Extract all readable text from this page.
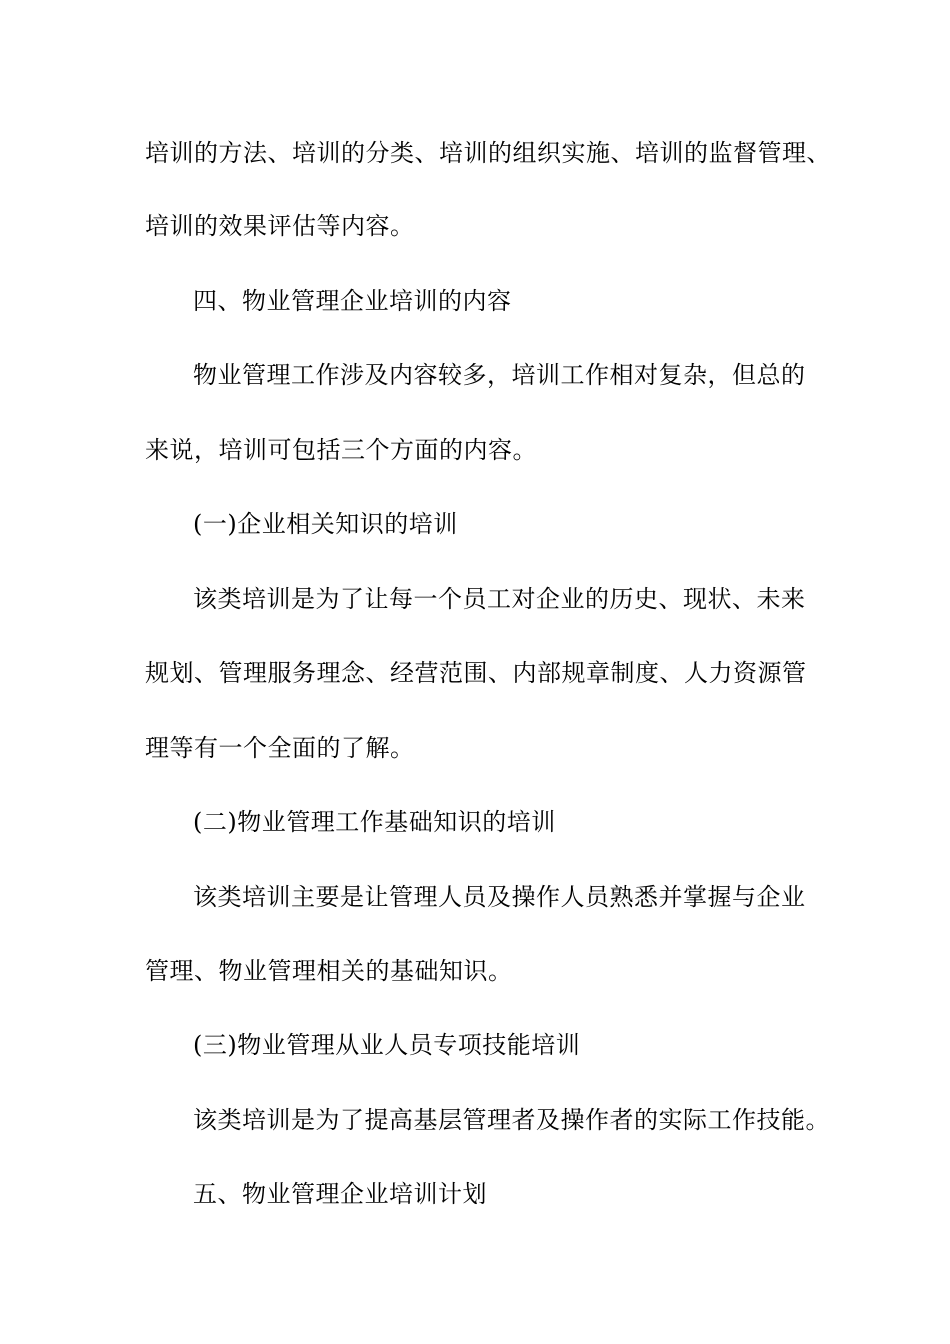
培训的方法、培训的分类、培训的组织实施、培训的监督管理、
培训的效果评估等内容。
四、物业管理企业培训的内容
物业管理工作涉及内容较多，培训工作相对复杂，但总的
来说，培训可包括三个方面的内容。
(一)企业相关知识的培训
该类培训是为了让每一个员工对企业的历史、现状、未来
规划、管理服务理念、经营范围、内部规章制度、人力资源管
理等有一个全面的了解。
(二)物业管理工作基础知识的培训
该类培训主要是让管理人员及操作人员熟悉并掌握与企业
管理、物业管理相关的基础知识。
(三)物业管理从业人员专项技能培训
该类培训是为了提高基层管理者及操作者的实际工作技能。
五、物业管理企业培训计划
